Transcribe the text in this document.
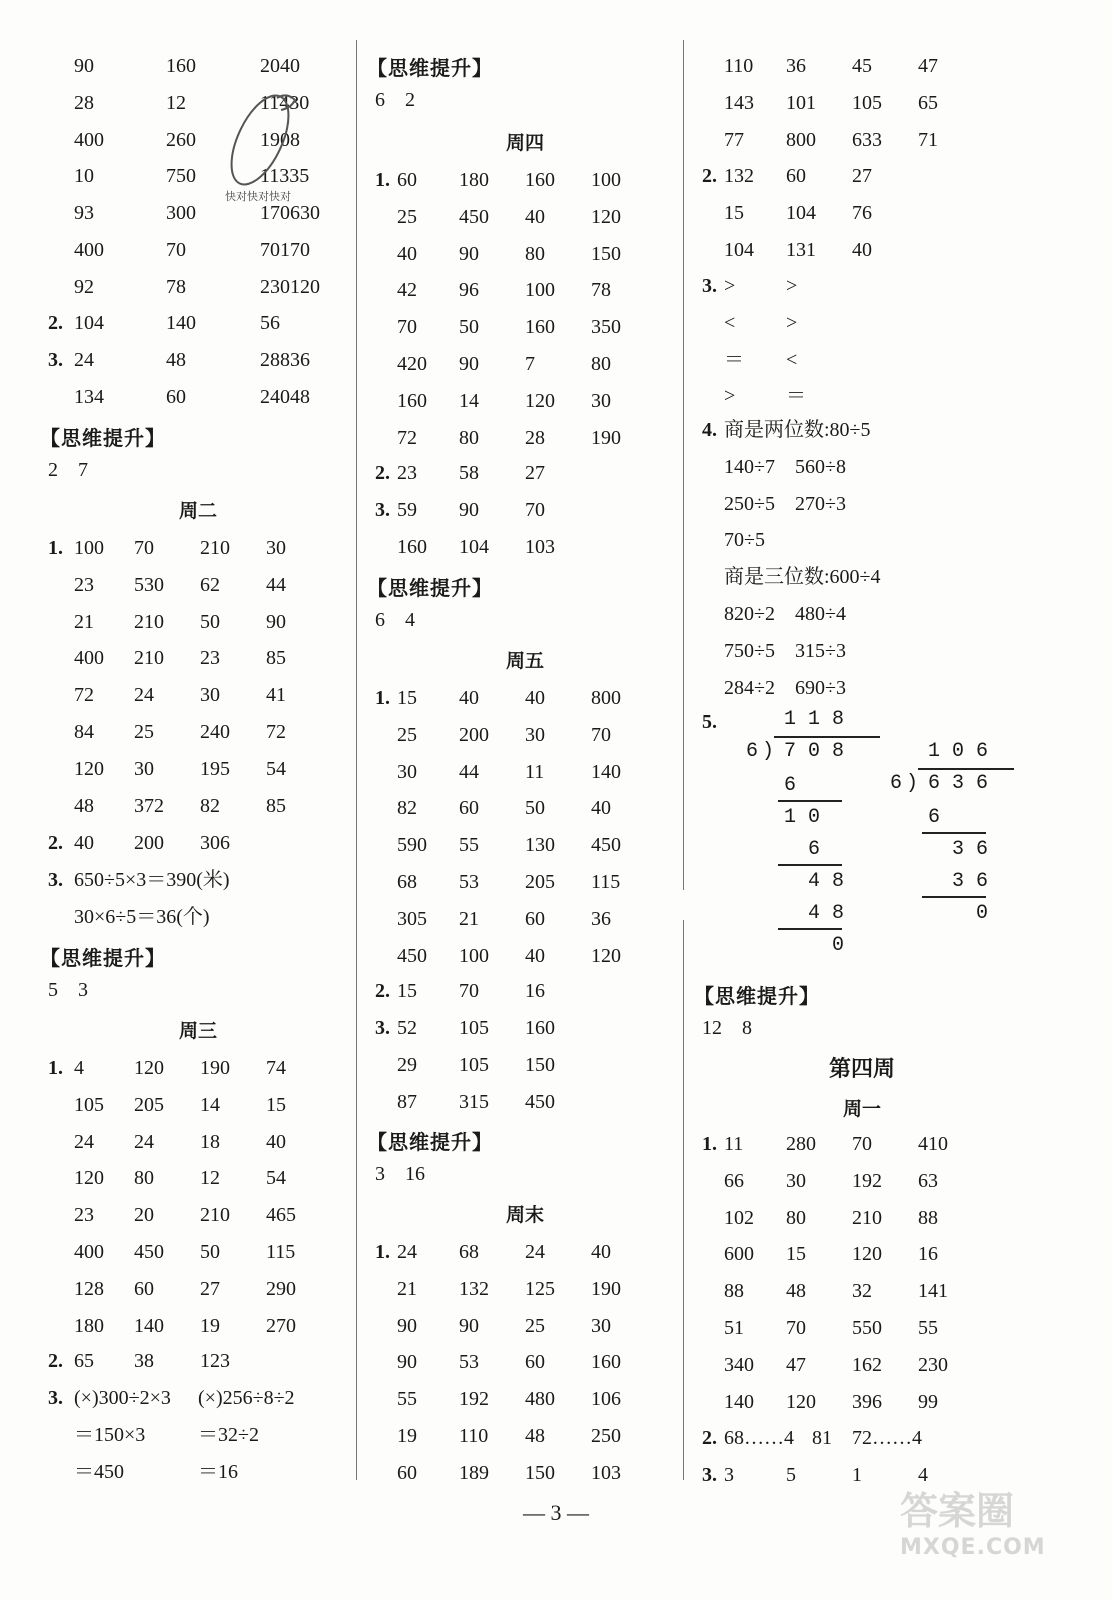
90	160	2040
28	12	11430
400	260	1908
10	750	11335
93	300	170630
400	70	70170
92	78	230120
2. 104	140	56
3. 24	48	28836
134	60	24048
【思维提升】
2　7
周二
1. 100 70 210 30
23 530 62 44
21 210 50 90
400 210 23 85
72 24 30 41
84 25 240 72
120 30 195 54
48 372 82 85
2. 40 200 306
3. 650÷5×3＝390(米)
30×6÷5＝36(个)
【思维提升】
5　3
周三
1. 4	120 190 74
105 205 14 15
24 24 18 40
120 80 12 54
23 20 210 465
400 450 50 115
128 60 27 290
180 140 19 270
2. 65 38 123
3. (×)300÷2×3 (×)256÷8÷2
＝150×3	＝32÷2
＝450	＝16
【思维提升】
6　2
周四
1. 60 180 160 100
25 450 40 120
40 90 80 150
42 96 100 78
70 50 160 350
420 90 7	80
160 14 120 30
72 80 28 190
2. 23 58 27
3. 59 90 70
160 104 103
【思维提升】
6　4
周五
1. 15 40 40 800
25 200 30 70
30 44 11 140
82 60 50 40
590 55 130 450
68 53 205 115
305 21 60 36
450 100 40 120
2. 15 70 16
3. 52 105 160
29 105 150
87 315 450
【思维提升】
3　16
周末
1. 24 68 24 40
21 132 125 190
90 90 25 30
90 53 60 160
55 192 480 106
19 110 48 250
60 189 150 103
110 36 45 47
143 101 105 65
77 800 633 71
2. 132 60 27
15 104 76
104 131 40
3. >	>
<	>
＝ <
>	＝
4. 商是两位数:80÷5
140÷7　560÷8
250÷5　270÷3
70÷5
商是三位数:600÷4
820÷2　480÷4
750÷5　315÷3
284÷2　690÷3
5.	1 1 8
6 ) 7 0 8
6
1 0
6
4 8
4 8
0
1 0 6
6 ) 6 3 6
6
3 6
3 6
0
【思维提升】
12　8
第四周
周一
1. 11 280 70 410
66 30 192 63
102 80 210 88
600 15 120 16
88 48 32 141
51 70 550 55
340 47 162 230
140 120 396 99
2. 68……4 81 72……4
3. 3	5	1	4
快对快对快对
— 3 —	答案圈
MXQE.COM
